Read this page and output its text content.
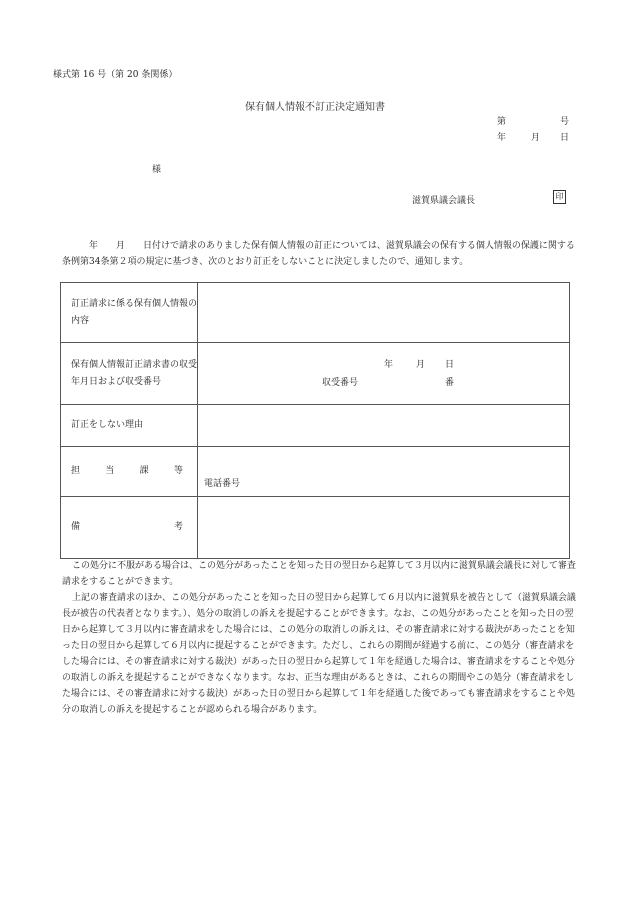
様式第 16 号（第 20 条関係）
保有個人情報不訂正決定通知書
第	号
年	月 日
様
滋賀県議会議長	印
　　　年　　月　　日付けで請求のありました保有個人情報の訂正については、滋賀県議会の保有する個人情報の保護に関する条例第34条第２項の規定に基づき、次のとおり訂正をしないことに決定しましたので、通知します。
訂正請求に係る保有個人情報の内容	
保有個人情報訂正請求書の収受年月日および収受番号	年 月 日
収受番号 番

訂正をしない理由	

担 当 課 等	電話番号

備 考	

この処分に不服がある場合は、この処分があったことを知った日の翌日から起算して３月以内に滋賀県議会議長に対して審査請求をすることができます。

上記の審査請求のほか、この処分があったことを知った日の翌日から起算して６月以内に滋賀県を被告として（滋賀県議会議長が被告の代表者となります。）、処分の取消しの訴えを提起することができます。なお、この処分があったことを知った日の翌日から起算して３月以内に審査請求をした場合には、この処分の取消しの訴えは、その審査請求に対する裁決があったことを知った日の翌日から起算して６月以内に提起することができます。ただし、これらの期間が経過する前に、この処分（審査請求をした場合には、その審査請求に対する裁決）があった日の翌日から起算して１年を経過した場合は、審査請求をすることや処分の取消しの訴えを提起することができなくなります。なお、正当な理由があるときは、これらの期間やこの処分（審査請求をした場合には、その審査請求に対する裁決）があった日の翌日から起算して１年を経過した後であっても審査請求をすることや処分の取消しの訴えを提起することが認められる場合があります。
